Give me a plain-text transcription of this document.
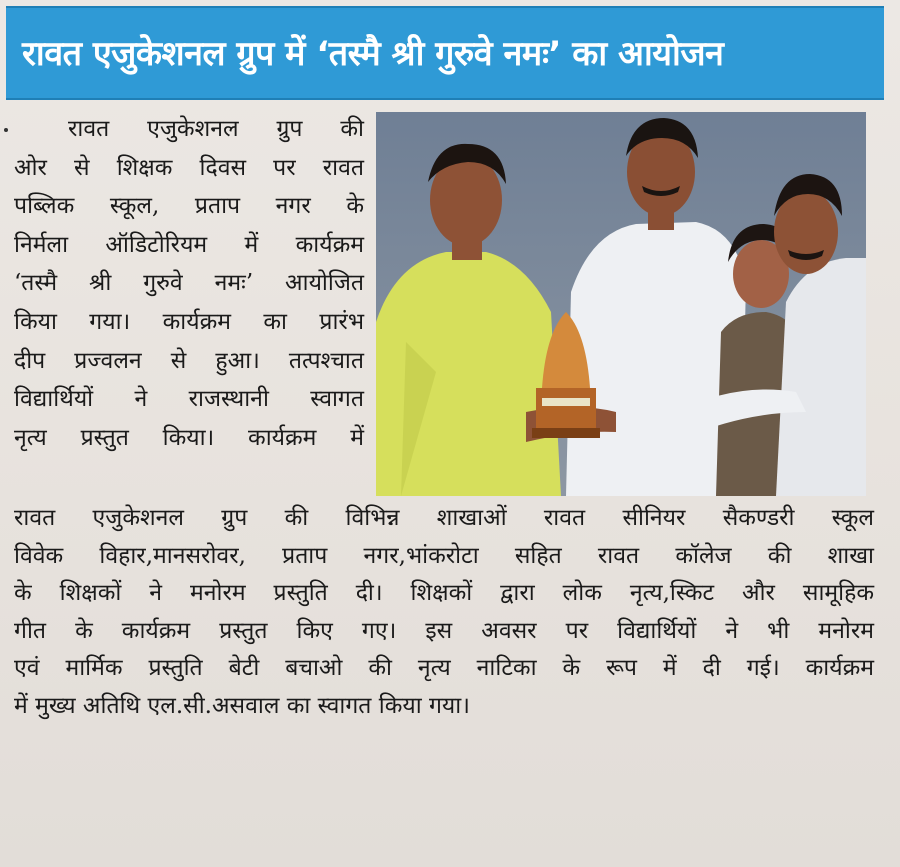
रावत एजुकेशनल ग्रुप में ‘तस्मै श्री गुरुवे नमः’ का आयोजन
रावत एजुकेशनल ग्रुप की
ओर से शिक्षक दिवस पर रावत
पब्लिक स्कूल, प्रताप नगर के
निर्मला ऑडिटोरियम में कार्यक्रम
‘तस्मै श्री गुरुवे नमः’ आयोजित
किया गया। कार्यक्रम का प्रारंभ
दीप प्रज्वलन से हुआ। तत्पश्चात
विद्यार्थियों ने राजस्थानी स्वागत
नृत्य प्रस्तुत किया। कार्यक्रम में
रावत एजुकेशनल ग्रुप की विभिन्न शाखाओं रावत सीनियर सैकण्डरी स्कूल
विवेक विहार,मानसरोवर, प्रताप नगर,भांकरोटा सहित रावत कॉलेज की शाखा
के शिक्षकों ने मनोरम प्रस्तुति दी। शिक्षकों द्वारा लोक नृत्य,स्किट और सामूहिक
गीत के कार्यक्रम प्रस्तुत किए गए। इस अवसर पर विद्यार्थियों ने भी मनोरम
एवं मार्मिक प्रस्तुति बेटी बचाओ की नृत्य नाटिका के रूप में दी गई। कार्यक्रम
में मुख्य अतिथि एल.सी.असवाल का स्वागत किया गया।
